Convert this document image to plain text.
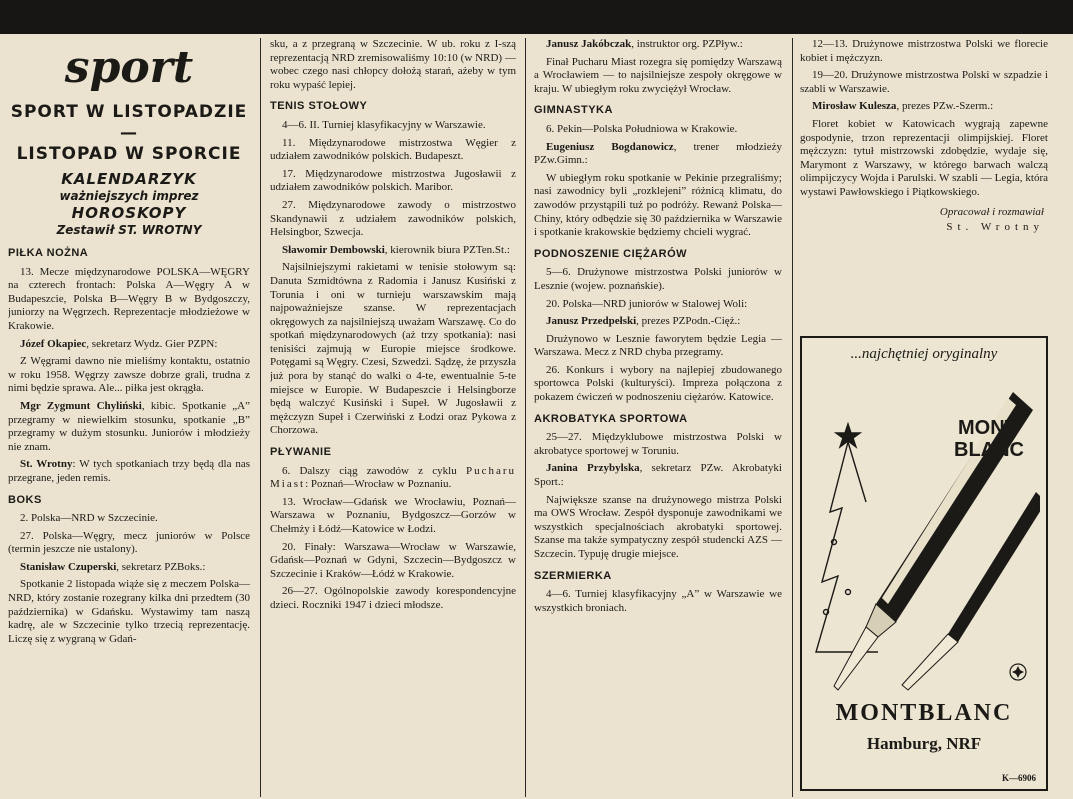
sport
SPORT W LISTOPADZIE —
LISTOPAD W SPORCIE
KALENDARZYK
ważniejszych imprez
HOROSKOPY
Zestawił ST. WROTNY
PIŁKA NOŻNA

13. Mecze międzynarodowe POLSKA—WĘGRY na czterech frontach: Polska A—Węgry A w Budapeszcie, Polska B—Węgry B w Bydgoszczy, juniorzy na Węgrzech. Reprezentacje młodzieżowe w Krakowie.

Józef Okapiec, sekretarz Wydz. Gier PZPN:

Z Węgrami dawno nie mieliśmy kontaktu, ostatnio w roku 1958. Węgrzy zawsze dobrze grali, trudna z nimi będzie sprawa. Ale... piłka jest okrągła.

Mgr Zygmunt Chyliński, kibic. Spotkanie „A” przegramy w niewielkim stosunku, spotkanie „B” przegramy w dużym stosunku. Juniorów i młodzieży nie znam.

St. Wrotny: W tych spotkaniach trzy będą dla nas przegrane, jeden remis.

BOKS

2. Polska—NRD w Szczecinie.

27. Polska—Węgry, mecz juniorów w Polsce (termin jeszcze nie ustalony).

Stanisław Czuperski, sekretarz PZBoks.:

Spotkanie 2 listopada wiąże się z meczem Polska—NRD, który zostanie rozegrany kilka dni przedtem (30 października) w Gdańsku. Wystawimy tam naszą kadrę, ale w Szczecinie tylko trzecią reprezentację. Liczę się z wygraną w Gdań-

sku, a z przegraną w Szczecinie. W ub. roku z I-szą reprezentacją NRD zremisowaliśmy 10:10 (w NRD) — wobec czego nasi chłopcy dołożą starań, ażeby w tym roku wypaść lepiej.

TENIS STOŁOWY

4—6. II. Turniej klasyfikacyjny w Warszawie.

11. Międzynarodowe mistrzostwa Węgier z udziałem zawodników polskich. Budapeszt.

17. Międzynarodowe mistrzostwa Jugosławii z udziałem zawodników polskich. Maribor.

27. Międzynarodowe zawody o mistrzostwo Skandynawii z udziałem zawodników polskich, Helsingbor, Szwecja.

Sławomir Dembowski, kierownik biura PZTen.St.:

Najsilniejszymi rakietami w tenisie stołowym są: Danuta Szmidtówna z Radomia i Janusz Kusiński z Torunia i oni w turnieju warszawskim mają najpoważniejsze szanse. W reprezentacjach okręgowych za najsilniejszą uważam Warszawę. Co do spotkań międzynarodowych (aż trzy spotkania): nasi tenisiści zajmują w Europie miejsce środkowe. Potęgami są Węgry. Czesi, Szwedzi. Sądzę, że przyszła już pora by stanąć do walki o 4-te, ewentualnie 5-te miejsce w Europie. W Budapeszcie i Helsingborze będą walczyć Kusiński i Supeł. W Jugosławii z mężczyzn Supeł i Czerwiński z Łodzi oraz Pykowa z Chorzowa.

PŁYWANIE

6. Dalszy ciąg zawodów z cyklu Pucharu Miast: Poznań—Wrocław w Poznaniu.

13. Wrocław—Gdańsk we Wrocławiu, Poznań—Warszawa w Poznaniu, Bydgoszcz—Gorzów w Chełmży i Łódź—Katowice w Łodzi.

20. Finały: Warszawa—Wrocław w Warszawie, Gdańsk—Poznań w Gdyni, Szczecin—Bydgoszcz w Szczecinie i Kraków—Łódź w Krakowie.

26—27. Ogólnopolskie zawody korespondencyjne dzieci. Roczniki 1947 i dzieci młodsze.

Janusz Jakóbczak, instruktor org. PZPływ.:

Finał Pucharu Miast rozegra się pomiędzy Warszawą a Wrocławiem — to najsilniejsze zespoły okręgowe w kraju. W ubiegłym roku zwyciężył Wrocław.

GIMNASTYKA

6. Pekin—Polska Południowa w Krakowie.

Eugeniusz Bogdanowicz, trener młodzieży PZw.Gimn.:

W ubiegłym roku spotkanie w Pekinie przegraliśmy; nasi zawodnicy byli „rozklejeni” różnicą klimatu, do zawodów przystąpili tuż po podróży. Rewanż Polska—Chiny, który odbędzie się 30 października w Warszawie i spotkanie krakowskie będziemy chcieli wygrać.

PODNOSZENIE CIĘŻARÓW

5—6. Drużynowe mistrzostwa Polski juniorów w Lesznie (wojew. poznańskie).

20. Polska—NRD juniorów w Stalowej Woli:

Janusz Przedpełski, prezes PZPodn.-Cięż.:

Drużynowo w Lesznie faworytem będzie Legia — Warszawa. Mecz z NRD chyba przegramy.

26. Konkurs i wybory na najlepiej zbudowanego sportowca Polski (kulturyści). Impreza połączona z pokazem ćwiczeń w podnoszeniu ciężarów. Katowice.

AKROBATYKA SPORTOWA

25—27. Międzyklubowe mistrzostwa Polski w akrobatyce sportowej w Toruniu.

Janina Przybylska, sekretarz PZw. Akrobatyki Sport.:

Największe szanse na drużynowego mistrza Polski ma OWS Wrocław. Zespół dysponuje zawodnikami we wszystkich specjalnościach akrobatyki sportowej. Szanse ma także sympatyczny zespół studencki AZS — Szczecin. Typuję drugie miejsce.

SZERMIERKA

4—6. Turniej klasyfikacyjny „A” w Warszawie we wszystkich broniach.

12—13. Drużynowe mistrzostwa Polski we florecie kobiet i mężczyzn.

19—20. Drużynowe mistrzostwa Polski w szpadzie i szabli w Warszawie.

Mirosław Kulesza, prezes PZw.-Szerm.:

Floret kobiet w Katowicach wygrają zapewne gospodynie, trzon reprezentacji olimpijskiej. Floret mężczyzn: tytuł mistrzowski zdobędzie, wydaje się, Marymont z Warszawy, w którego barwach walczą olimpijczycy Wojda i Parulski. W szabli — Legia, która wystawi Pawłowskiego i Piątkowskiego.

Opracował i rozmawiał
St. Wrotny
...najchętniej oryginalny
MONT
BLANC
MONTBLANC
Hamburg, NRF
K—6906
